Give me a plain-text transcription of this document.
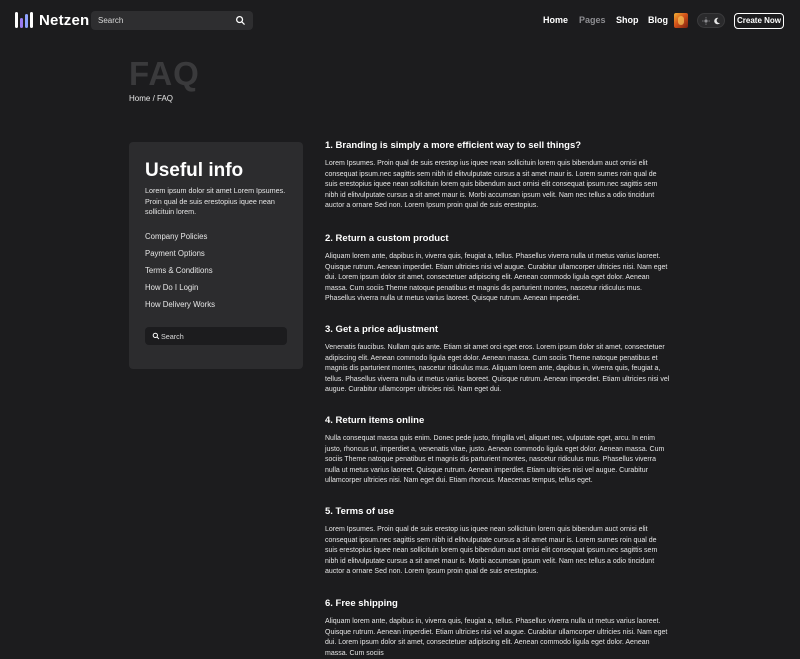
Netzen
Search	Home Pages Shop Blog	Create Now
FAQ
Home / FAQ
Useful info

Lorem ipsum dolor sit amet Lorem Ipsumes. Proin qual de suis erestopius iquee nean sollicituin lorem.

Company Policies
Payment Options
Terms & Conditions
How Do I Login
How Delivery Works
Search
1. Branding is simply a more efficient way to sell things?

Lorem Ipsumes. Proin qual de suis erestop ius iquee nean sollicituin lorem quis bibendum auct ornisi elit consequat ipsum.nec sagittis sem nibh id elitvulputate cursus a sit amet maur is. Lorem sumes roin qual de suis erestopius iquee nean sollicituin lorem quis bibendum auct ornisi elit consequat ipsum.nec sagittis sem nibh id elitvulputate cursus a sit amet maur is. Morbi accumsan ipsum velit. Nam nec tellus a odio tincidunt auctor a ornare Sed non. Lorem Ipsum proin qual de suis erestopius.

2. Return a custom product

Aliquam lorem ante, dapibus in, viverra quis, feugiat a, tellus. Phasellus viverra nulla ut metus varius laoreet. Quisque rutrum. Aenean imperdiet. Etiam ultricies nisi vel augue. Curabitur ullamcorper ultricies nisi. Nam eget dui. Lorem ipsum dolor sit amet, consectetuer adipiscing elit. Aenean commodo ligula eget dolor. Aenean massa. Cum sociis Theme natoque penatibus et magnis dis parturient montes, nascetur ridiculus mus. Phasellus viverra nulla ut metus varius laoreet. Quisque rutrum. Aenean imperdiet.

3. Get a price adjustment

Venenatis faucibus. Nullam quis ante. Etiam sit amet orci eget eros. Lorem ipsum dolor sit amet, consectetuer adipiscing elit. Aenean commodo ligula eget dolor. Aenean massa. Cum sociis Theme natoque penatibus et magnis dis parturient montes, nascetur ridiculus mus. Aliquam lorem ante, dapibus in, viverra quis, feugiat a, tellus. Phasellus viverra nulla ut metus varius laoreet. Quisque rutrum. Aenean imperdiet. Etiam ultricies nisi vel augue. Curabitur ullamcorper ultricies nisi. Nam eget dui.

4. Return items online

Nulla consequat massa quis enim. Donec pede justo, fringilla vel, aliquet nec, vulputate eget, arcu. In enim justo, rhoncus ut, imperdiet a, venenatis vitae, justo. Aenean commodo ligula eget dolor. Aenean massa. Cum sociis Theme natoque penatibus et magnis dis parturient montes, nascetur ridiculus mus. Phasellus viverra nulla ut metus varius laoreet. Quisque rutrum. Aenean imperdiet. Etiam ultricies nisi vel augue. Curabitur ullamcorper ultricies nisi. Nam eget dui. Etiam rhoncus. Maecenas tempus, tellus eget.

5. Terms of use

Lorem Ipsumes. Proin qual de suis erestop ius iquee nean sollicituin lorem quis bibendum auct ornisi elit consequat ipsum.nec sagittis sem nibh id elitvulputate cursus a sit amet maur is. Lorem sumes roin qual de suis erestopius iquee nean sollicituin lorem quis bibendum auct ornisi elit consequat ipsum.nec sagittis sem nibh id elitvulputate cursus a sit amet maur is. Morbi accumsan ipsum velit. Nam nec tellus a odio tincidunt auctor a ornare Sed non. Lorem Ipsum proin qual de suis erestopius.

6. Free shipping

Aliquam lorem ante, dapibus in, viverra quis, feugiat a, tellus. Phasellus viverra nulla ut metus varius laoreet. Quisque rutrum. Aenean imperdiet. Etiam ultricies nisi vel augue. Curabitur ullamcorper ultricies nisi. Nam eget dui. Lorem ipsum dolor sit amet, consectetuer adipiscing elit. Aenean commodo ligula eget dolor. Aenean massa. Cum sociis
